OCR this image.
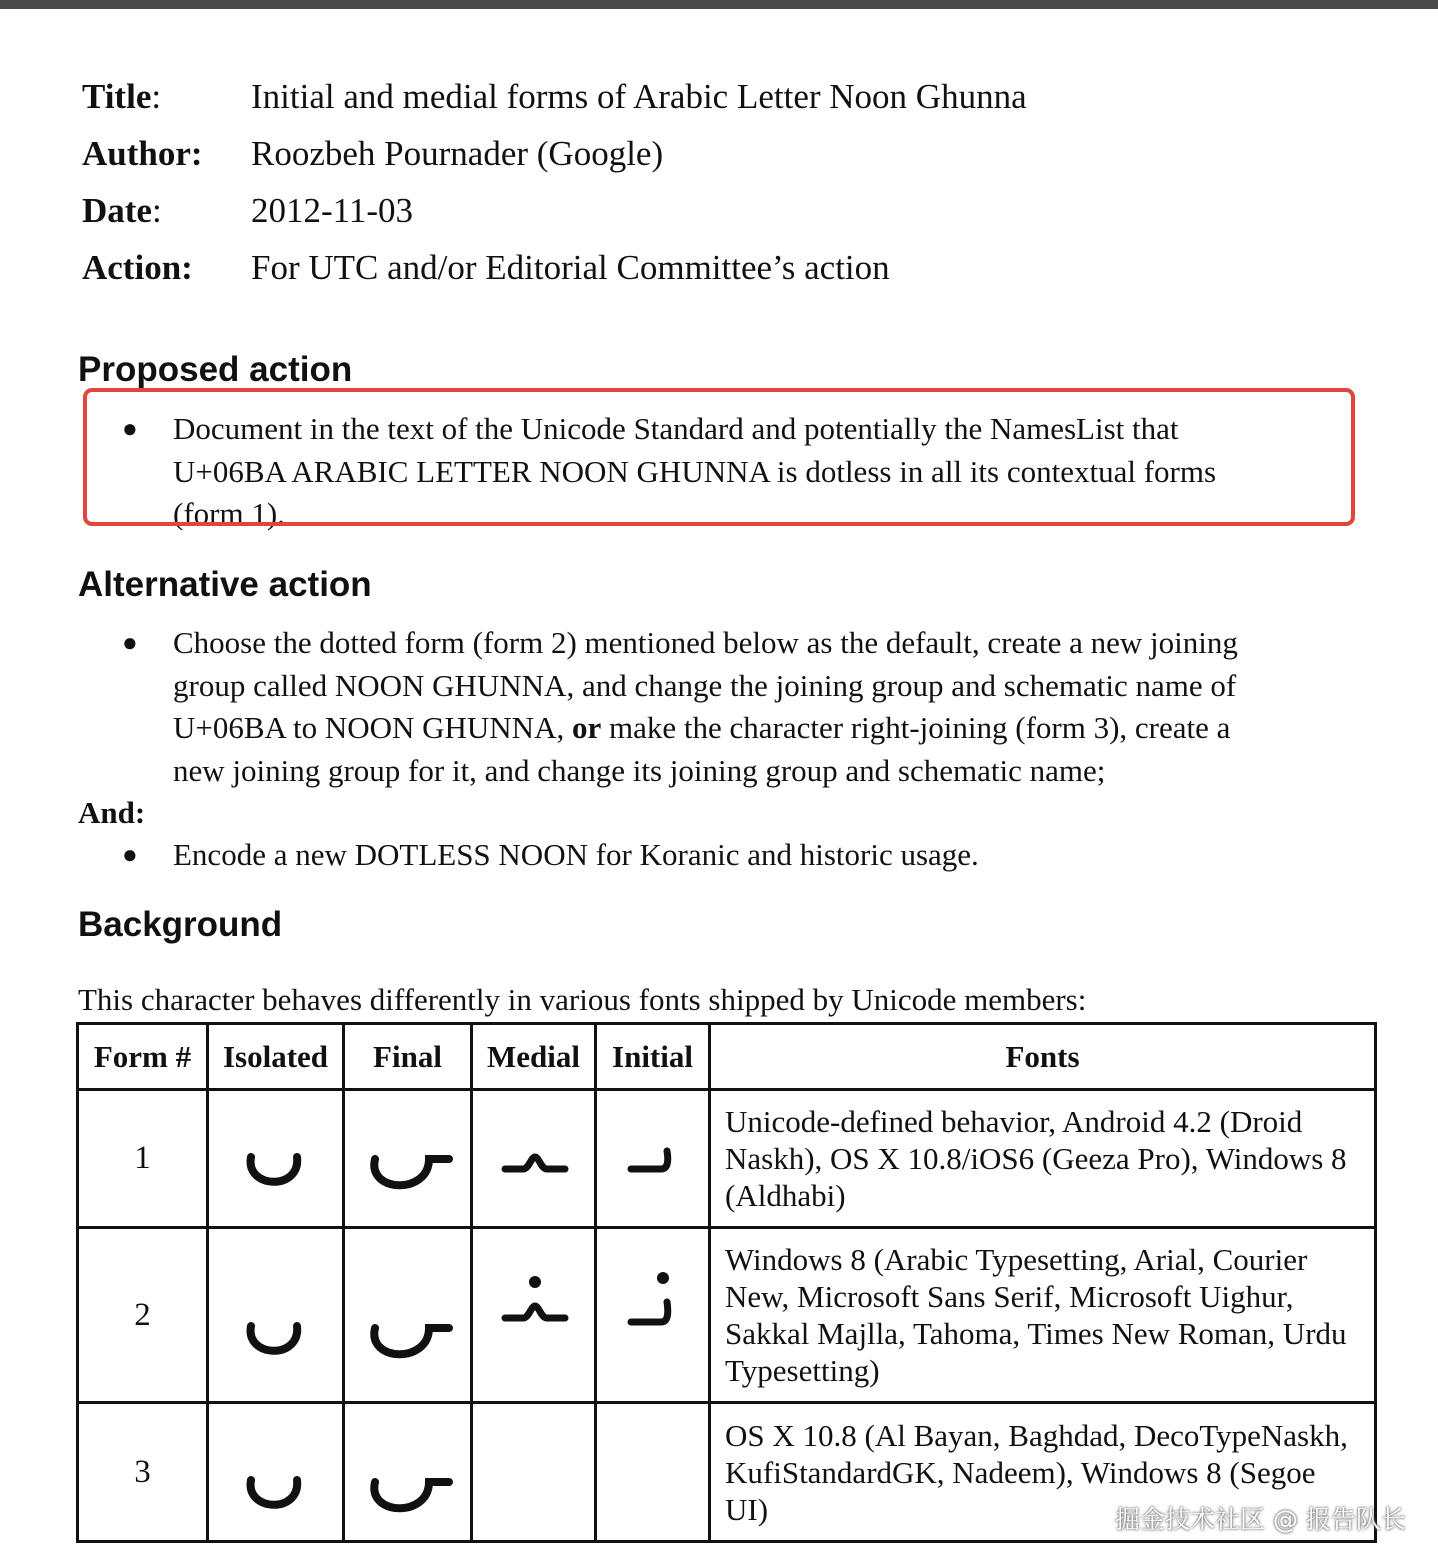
Title:	Initial and medial forms of Arabic Letter Noon Ghunna
Author:	Roozbeh Pournader (Google)
Date:	2012-11-03
Action:	For UTC and/or Editorial Committee’s action
Proposed action
● Document in the text of the Unicode Standard and potentially the NamesList that U+06BA ARABIC LETTER NOON GHUNNA is dotless in all its contextual forms (form 1).
Alternative action
● Choose the dotted form (form 2) mentioned below as the default, create a new joining group called NOON GHUNNA, and change the joining group and schematic name of U+06BA to NOON GHUNNA, or make the character right-joining (form 3), create a new joining group for it, and change its joining group and schematic name;
And:
● Encode a new DOTLESS NOON for Koranic and historic usage.
Background
This character behaves differently in various fonts shipped by Unicode members:
Form #	Isolated	Final	Medial	Initial	Fonts
1					Unicode-defined behavior, Android 4.2 (Droid Naskh), OS X 10.8/iOS6 (Geeza Pro), Windows 8 (Aldhabi)
2					Windows 8 (Arabic Typesetting, Arial, Courier New, Microsoft Sans Serif, Microsoft Uighur, Sakkal Majlla, Tahoma, Times New Roman, Urdu Typesetting)
3					OS X 10.8 (Al Bayan, Baghdad, DecoTypeNaskh, KufiStandardGK, Nadeem), Windows 8 (Segoe UI)	掘金技术社区 @ 报告队长
